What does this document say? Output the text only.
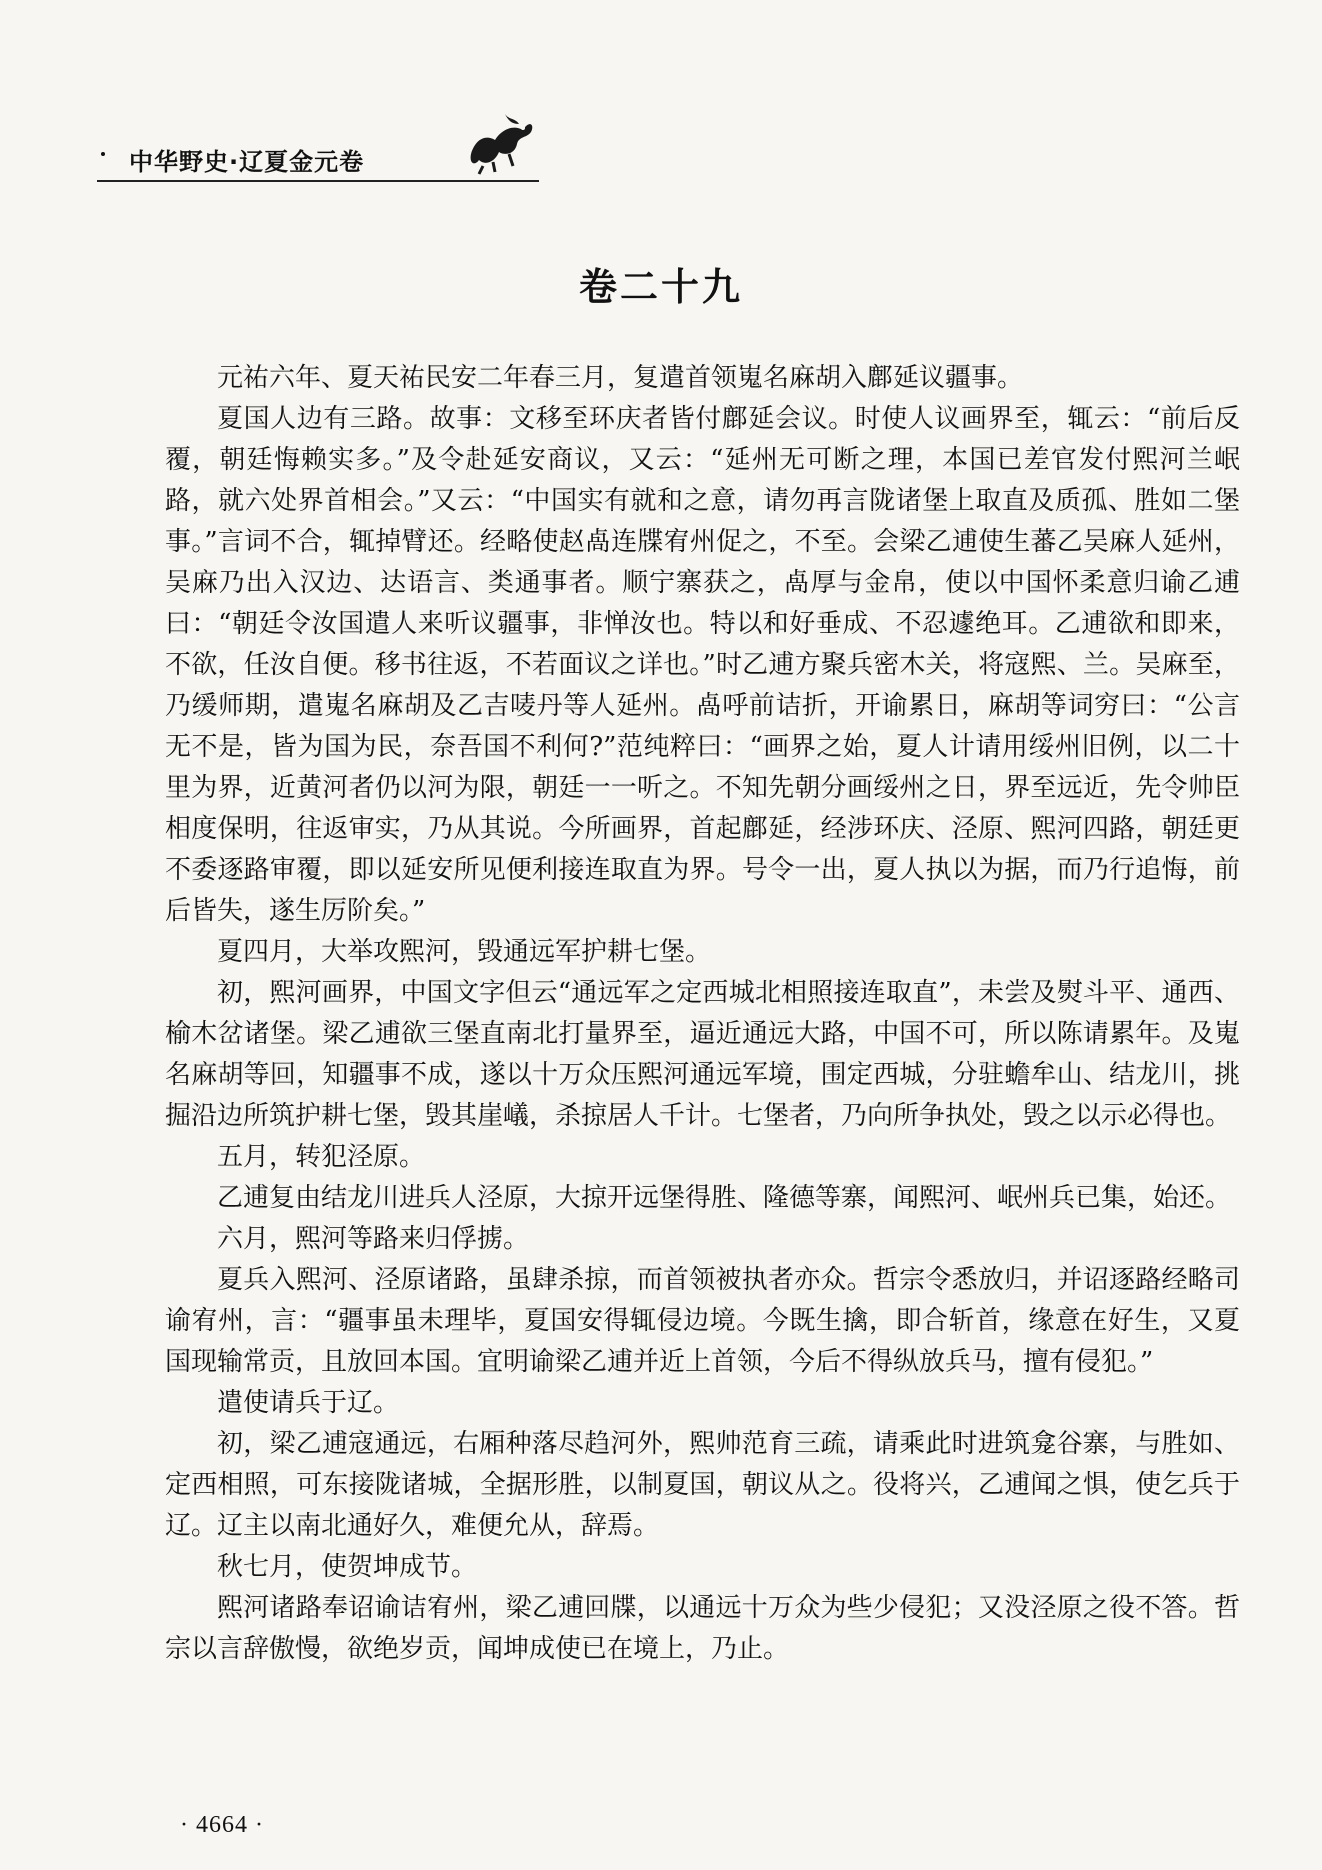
中华野史·辽夏金元卷
卷二十九

元祐六年、夏天祐民安二年春三月，复遣首领嵬名麻胡入鄜延议疆事。

夏国人边有三路。故事：文移至环庆者皆付鄜延会议。时使人议画界至，辄云：“前后反覆，朝廷悔赖实多。”及令赴延安商议，又云：“延州无可断之理，本国已差官发付熙河兰岷路，就六处界首相会。”又云：“中国实有就和之意，请勿再言陇诸堡上取直及质孤、胜如二堡事。”言词不合，辄掉臂还。经略使赵卨连牒宥州促之，不至。会梁乙逋使生蕃乙吴麻人延州，吴麻乃出入汉边、达语言、类通事者。顺宁寨获之，卨厚与金帛，使以中国怀柔意归谕乙逋曰：“朝廷令汝国遣人来听议疆事，非惮汝也。特以和好垂成、不忍遽绝耳。乙逋欲和即来，不欲，任汝自便。移书往返，不若面议之详也。”时乙逋方聚兵密木关，将寇熙、兰。吴麻至，乃缓师期，遣嵬名麻胡及乙吉唛丹等人延州。卨呼前诘折，开谕累日，麻胡等词穷曰：“公言无不是，皆为国为民，奈吾国不利何?”范纯粹曰：“画界之始，夏人计请用绥州旧例，以二十里为界，近黄河者仍以河为限，朝廷一一听之。不知先朝分画绥州之日，界至远近，先令帅臣相度保明，往返审实，乃从其说。今所画界，首起鄜延，经涉环庆、泾原、熙河四路，朝廷更不委逐路审覆，即以延安所见便利接连取直为界。号令一出，夏人执以为据，而乃行追悔，前后皆失，遂生厉阶矣。”

夏四月，大举攻熙河，毁通远军护耕七堡。

初，熙河画界，中国文字但云“通远军之定西城北相照接连取直”，未尝及熨斗平、通西、榆木岔诸堡。梁乙逋欲三堡直南北打量界至，逼近通远大路，中国不可，所以陈请累年。及嵬名麻胡等回，知疆事不成，遂以十万众压熙河通远军境，围定西城，分驻蟾牟山、结龙川，挑掘沿边所筑护耕七堡，毁其崖嶬，杀掠居人千计。七堡者，乃向所争执处，毁之以示必得也。

五月，转犯泾原。

乙逋复由结龙川进兵人泾原，大掠开远堡得胜、隆德等寨，闻熙河、岷州兵已集，始还。

六月，熙河等路来归俘掳。

夏兵入熙河、泾原诸路，虽肆杀掠，而首领被执者亦众。哲宗令悉放归，并诏逐路经略司谕宥州，言：“疆事虽未理毕，夏国安得辄侵边境。今既生擒，即合斩首，缘意在好生，又夏国现输常贡，且放回本国。宜明谕梁乙逋并近上首领，今后不得纵放兵马，擅有侵犯。”

遣使请兵于辽。

初，梁乙逋寇通远，右厢种落尽趋河外，熙帅范育三疏，请乘此时进筑龛谷寨，与胜如、定西相照，可东接陇诸城，全据形胜，以制夏国，朝议从之。役将兴，乙逋闻之惧，使乞兵于辽。辽主以南北通好久，难便允从，辞焉。

秋七月，使贺坤成节。

熙河诸路奉诏谕诘宥州，梁乙逋回牒，以通远十万众为些少侵犯；又没泾原之役不答。哲宗以言辞傲慢，欲绝岁贡，闻坤成使已在境上，乃止。

· 4664 ·
